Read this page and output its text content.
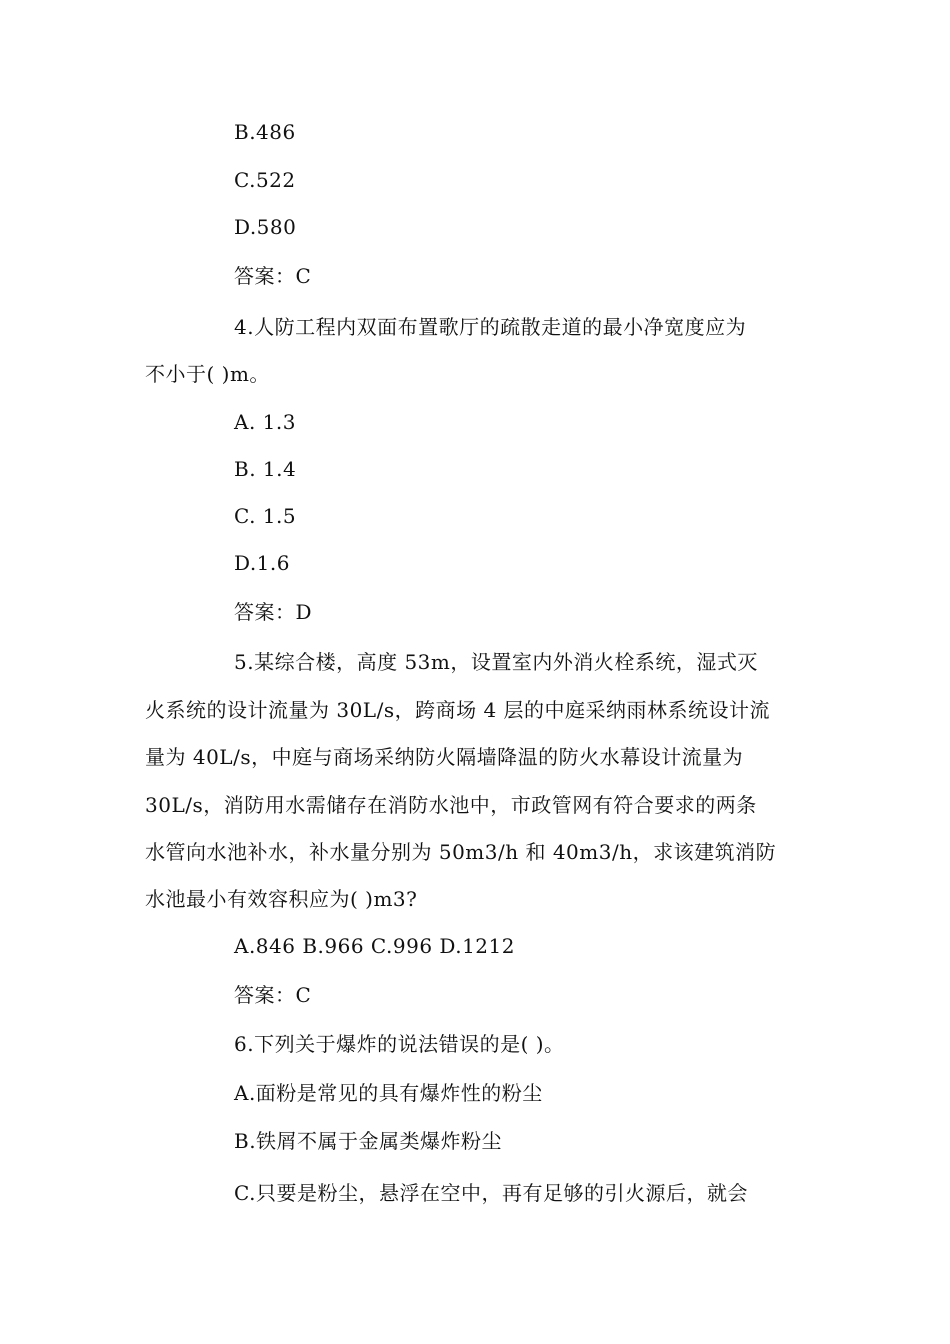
B.486
C.522
D.580
答案：C
4.人防工程内双面布置歌厅的疏散走道的最小净宽度应为
不小于( )m。
A. 1.3
B. 1.4
C. 1.5
D.1.6
答案：D
5.某综合楼，高度 53m，设置室内外消火栓系统，湿式灭
火系统的设计流量为 30L/s，跨商场 4 层的中庭采纳雨林系统设计流
量为 40L/s，中庭与商场采纳防火隔墙降温的防火水幕设计流量为
30L/s，消防用水需储存在消防水池中，市政管网有符合要求的两条
水管向水池补水，补水量分别为 50m3/h 和 40m3/h，求该建筑消防
水池最小有效容积应为( )m3?
A.846 B.966 C.996 D.1212
答案：C
6.下列关于爆炸的说法错误的是( )。
A.面粉是常见的具有爆炸性的粉尘
B.铁屑不属于金属类爆炸粉尘
C.只要是粉尘，悬浮在空中，再有足够的引火源后，就会
